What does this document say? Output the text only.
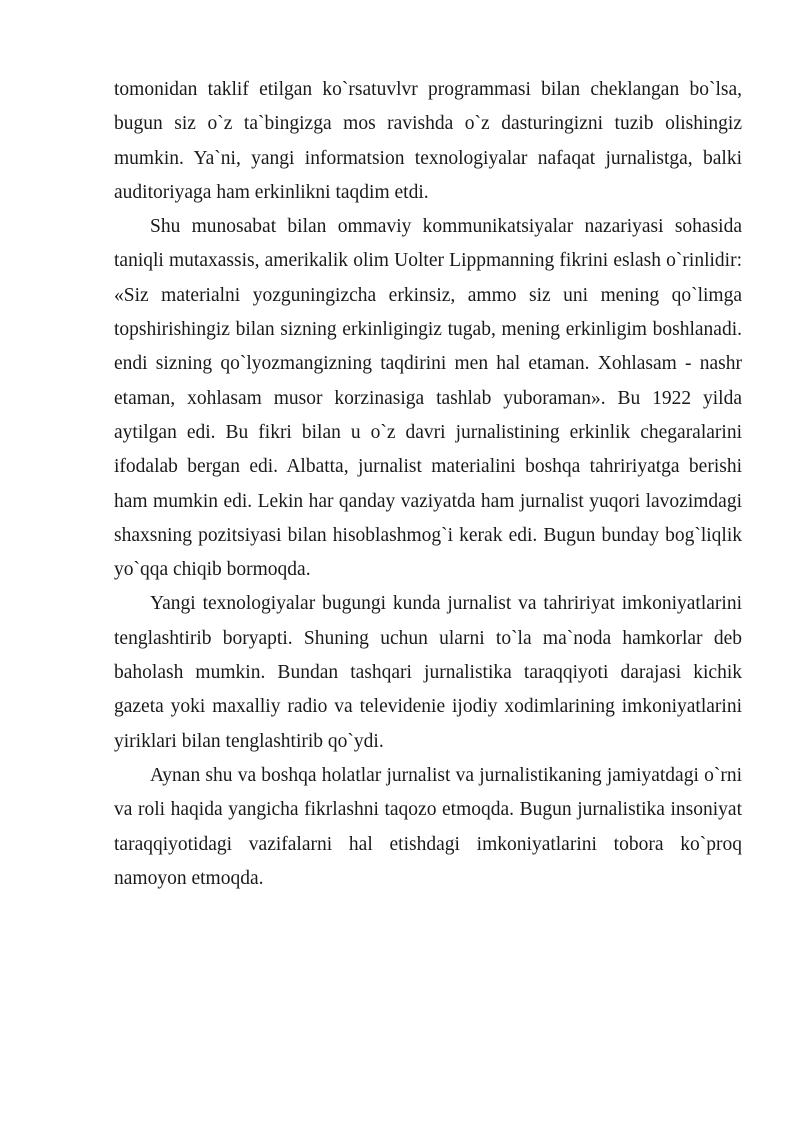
tomonidan taklif etilgan ko`rsatuvlvr programmasi bilan cheklangan bo`lsa, bugun siz o`z ta`bingizga mos ravishda o`z dasturingizni tuzib olishingiz mumkin. Ya`ni, yangi informatsion texnologiyalar nafaqat jurnalistga, balki auditoriyaga ham erkinlikni taqdim etdi.

Shu munosabat bilan ommaviy kommunikatsiyalar nazariyasi sohasida taniqli mutaxassis, amerikalik olim Uolter Lippmanning fikrini eslash o`rinlidir: «Siz materialni yozguningizcha erkinsiz, ammo siz uni mening qo`limga topshirishingiz bilan sizning erkinligingiz tugab, mening erkinligim boshlanadi. endi sizning qo`lyozmangizning taqdirini men hal etaman. Xohlasam - nashr etaman, xohlasam musor korzinasiga tashlab yuboraman». Bu 1922 yilda aytilgan edi. Bu fikri bilan u o`z davri jurnalistining erkinlik chegaralarini ifodalab bergan edi. Albatta, jurnalist materialini boshqa tahririyatga berishi ham mumkin edi. Lekin har qanday vaziyatda ham jurnalist yuqori lavozimdagi shaxsning pozitsiyasi bilan hisoblashmog`i kerak edi. Bugun bunday bog`liqlik yo`qqa chiqib bormoqda.

Yangi texnologiyalar bugungi kunda jurnalist va tahririyat imkoniyatlarini tenglashtirib boryapti. Shuning uchun ularni to`la ma`noda hamkorlar deb baholash mumkin. Bundan tashqari jurnalistika taraqqiyoti darajasi kichik gazeta yoki maxalliy radio va televidenie ijodiy xodimlarining imkoniyatlarini yiriklari bilan tenglashtirib qo`ydi.

Aynan shu va boshqa holatlar jurnalist va jurnalistikaning jamiyatdagi o`rni va roli haqida yangicha fikrlashni taqozo etmoqda. Bugun jurnalistika insoniyat taraqqiyotidagi vazifalarni hal etishdagi imkoniyatlarini tobora ko`proq namoyon etmoqda.
